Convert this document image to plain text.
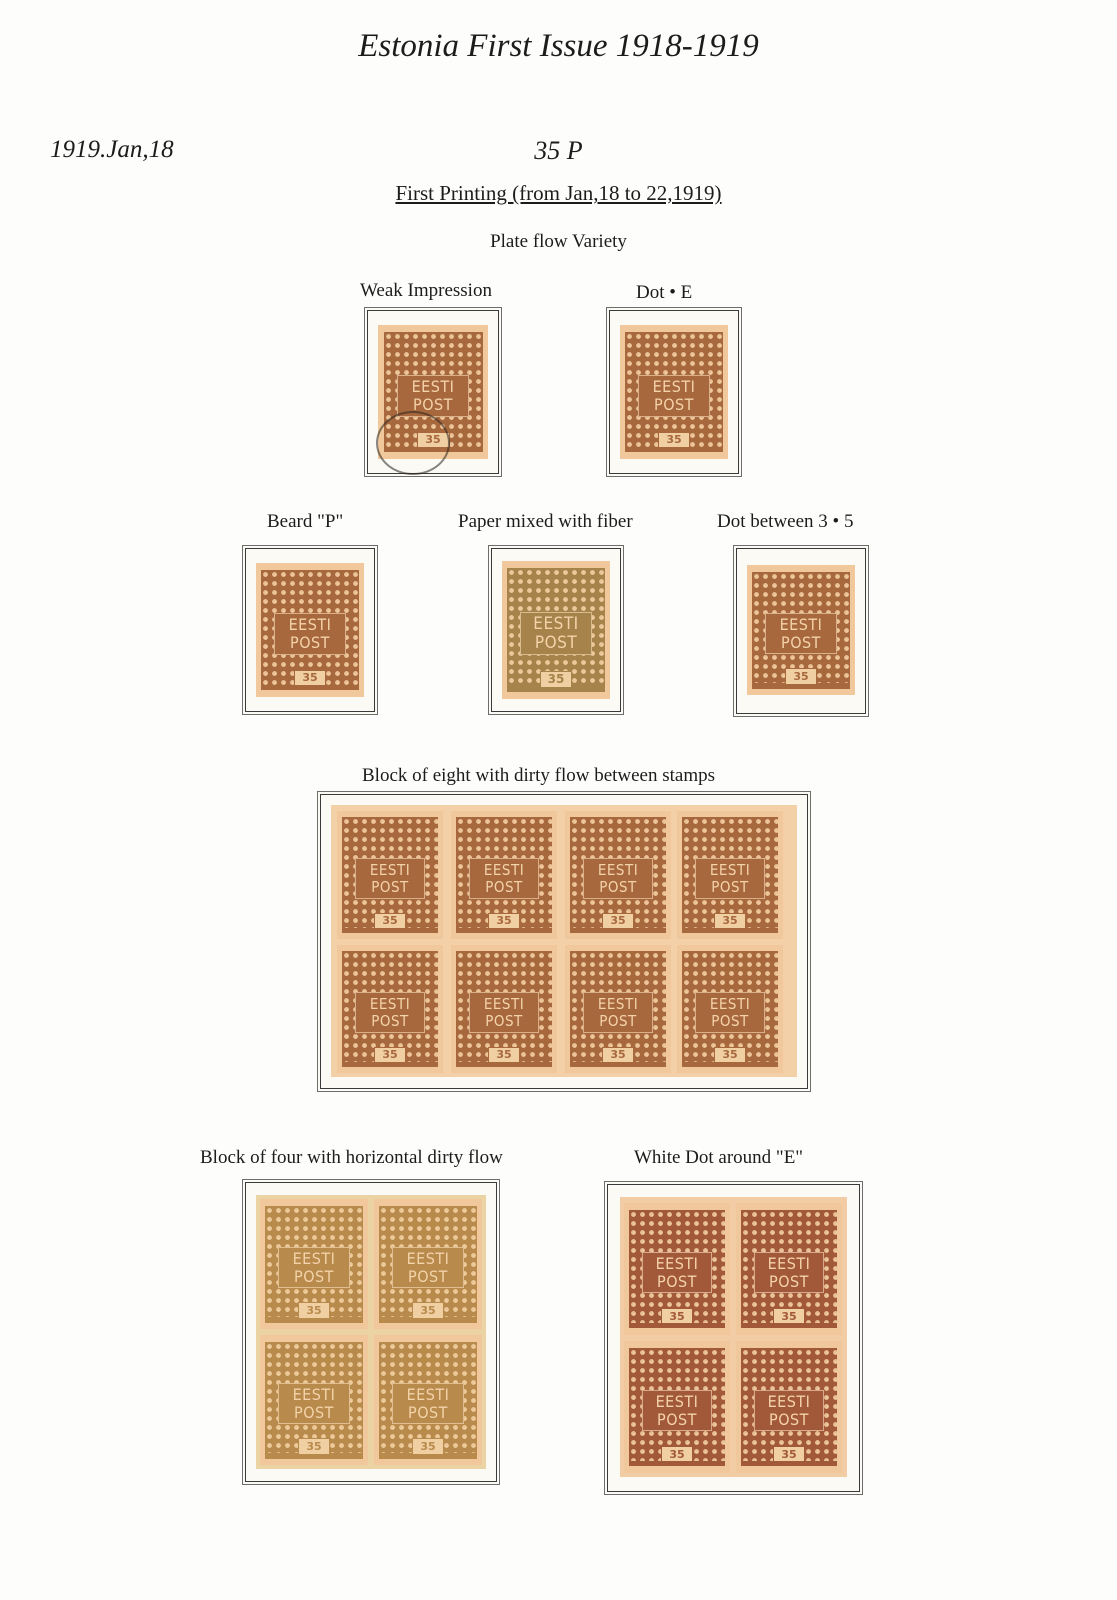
Estonia First Issue 1918-1919
1919.Jan,18	35 P
First Printing (from Jan,18 to 22,1919)
Plate flow Variety
Weak Impression	Dot • E
EESTI
POST
35
EESTI
POST
35
Beard "P"	Paper mixed with fiber	Dot between 3 • 5
EESTI
POST
35
EESTI
POST
35
EESTI
POST
35
Block of eight with dirty flow between stamps
EESTI
POST
35
EESTI
POST
35
EESTI
POST
35
EESTI
POST
35
EESTI
POST
35
EESTI
POST
35
EESTI
POST
35
EESTI
POST
35
Block of four with horizontal dirty flow	White Dot around "E"
EESTI
POST
35
EESTI
POST
35
EESTI
POST
35
EESTI
POST
35
EESTI
POST
35
EESTI
POST
35
EESTI
POST
35
EESTI
POST
35
